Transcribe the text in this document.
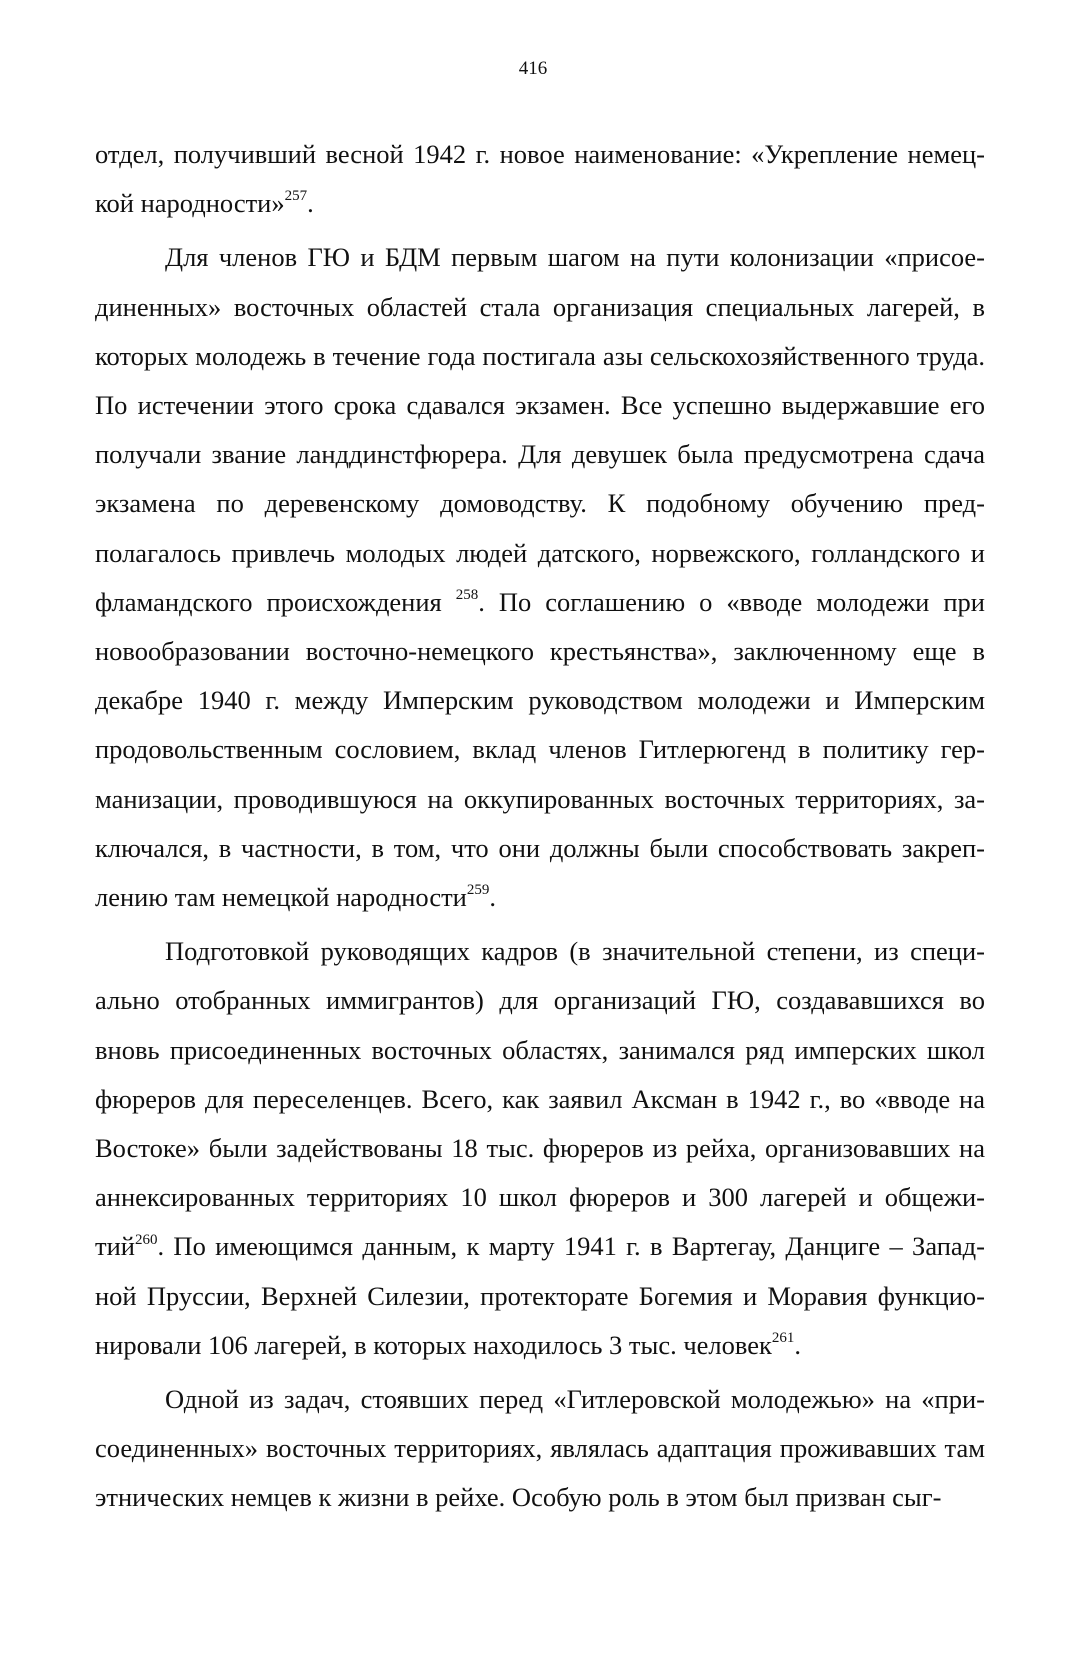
416

отдел, получивший весной 1942 г. новое наименование: «Укрепление немецкой народности»$^{257}$.

Для членов ГЮ и БДМ первым шагом на пути колонизации «присоединенных» восточных областей стала организация специальных лагерей, в которых молодежь в течение года постигала азы сельскохозяйственного труда. По истечении этого срока сдавался экзамен. Все успешно выдержавшие его получали звание ланддинстфюрера. Для девушек была предусмотрена сдача экзамена по деревенскому домоводству. К подобному обучению предполагалось привлечь молодых людей датского, норвежского, голландского и фламандского происхождения $^{258}$. По соглашению о «вводе молодежи при новообразовании восточно-немецкого крестьянства», заключенному еще в декабре 1940 г. между Имперским руководством молодежи и Имперским продовольственным сословием, вклад членов Гитлерюгенд в политику германизации, проводившуюся на оккупированных восточных территориях, заключался, в частности, в том, что они должны были способствовать закреплению там немецкой народности$^{259}$.

Подготовкой руководящих кадров (в значительной степени, из специально отобранных иммигрантов) для организаций ГЮ, создававшихся во вновь присоединенных восточных областях, занимался ряд имперских школ фюреров для переселенцев. Всего, как заявил Аксман в 1942 г., во «вводе на Востоке» были задействованы 18 тыс. фюреров из рейха, организовавших на аннексированных территориях 10 школ фюреров и 300 лагерей и общежитий$^{260}$. По имеющимся данным, к марту 1941 г. в Вартегау, Данциге – Западной Пруссии, Верхней Силезии, протекторате Богемия и Моравия функционировали 106 лагерей, в которых находилось 3 тыс. человек$^{261}$.

Одной из задач, стоявших перед «Гитлеровской молодежью» на «присоединенных» восточных территориях, являлась адаптация проживавших там этнических немцев к жизни в рейхе. Особую роль в этом был призван сыг-
